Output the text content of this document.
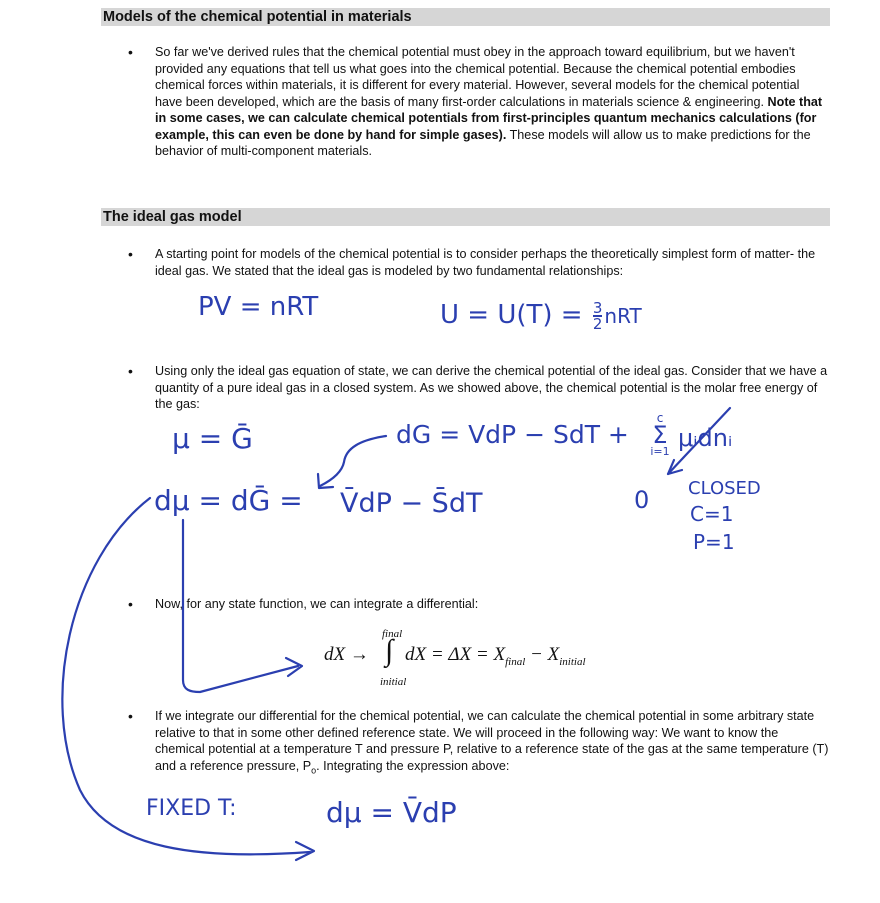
Models of the chemical potential in materials
• So far we've derived rules that the chemical potential must obey in the approach toward equilibrium, but we haven't provided any equations that tell us what goes into the chemical potential. Because the chemical potential embodies chemical forces within materials, it is different for every material. However, several models for the chemical potential have been developed, which are the basis of many first-order calculations in materials science & engineering. Note that in some cases, we can calculate chemical potentials from first-principles quantum mechanics calculations (for example, this can even be done by hand for simple gases). These models will allow us to make predictions for the behavior of multi-component materials.

The ideal gas model
• A starting point for models of the chemical potential is to consider perhaps the theoretically simplest form of matter- the ideal gas. We stated that the ideal gas is modeled by two fundamental relationships:

PV = nRT	$U = U(T) = \frac{3}{2}$ nRT
• Using only the ideal gas equation of state, we can derive the chemical potential of the ideal gas. Consider that we have a quantity of a pure ideal gas in a closed system. As we showed above, the chemical potential is the molar free energy of the gas:

μ = Ḡ	dG = VdP − SdT +
c
Σ
i=1 μᵢdnᵢ
0 CLOSED
C=1
P=1
dμ = dḠ = V̄dP − S̄dT
• Now, for any state function, we can integrate a differential:

dX →
final
∫
initial
dX = $\Delta X = X_{final} - X_{initial}$
• If we integrate our differential for the chemical potential, we can calculate the chemical potential in some arbitrary state relative to that in some other defined reference state. We will proceed in the following way: We want to know the chemical potential at a temperature T and pressure P, relative to a reference state of the gas at the same temperature (T) and a reference pressure, $P_o$. Integrating the expression above:

FIXED T:	dμ = V̄dP
